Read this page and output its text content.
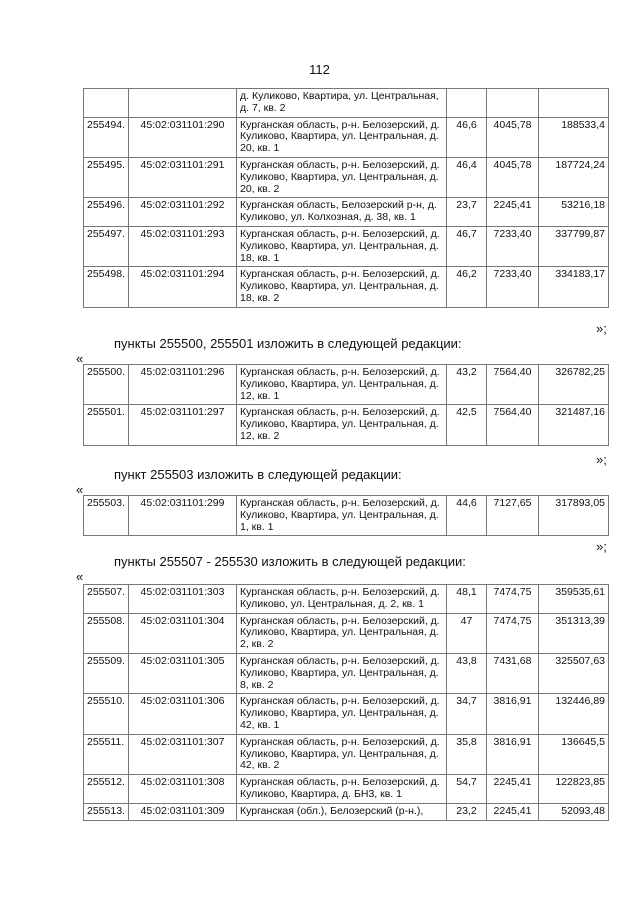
112
		д. Куликово, Квартира, ул. Центральная, д. 7, кв. 2			
255494.	45:02:031101:290	Курганская область, р-н. Белозерский, д. Куликово, Квартира, ул. Центральная, д. 20, кв. 1	46,6	4045,78	188533,4
255495.	45:02:031101:291	Курганская область, р-н. Белозерский, д. Куликово, Квартира, ул. Центральная, д. 20, кв. 2	46,4	4045,78	187724,24
255496.	45:02:031101:292	Курганская область, Белозерский р-н, д. Куликово, ул. Колхозная, д. 38, кв. 1	23,7	2245,41	53216,18
255497.	45:02:031101:293	Курганская область, р-н. Белозерский, д. Куликово, Квартира, ул. Центральная, д. 18, кв. 1	46,7	7233,40	337799,87
255498.	45:02:031101:294	Курганская область, р-н. Белозерский, д. Куликово, Квартира, ул. Центральная, д. 18, кв. 2	46,2	7233,40	334183,17
»;
пункты 255500, 255501 изложить в следующей редакции:
«
255500.	45:02:031101:296	Курганская область, р-н. Белозерский, д. Куликово, Квартира, ул. Центральная, д. 12, кв. 1	43,2	7564,40	326782,25
255501.	45:02:031101:297	Курганская область, р-н. Белозерский, д. Куликово, Квартира, ул. Центральная, д. 12, кв. 2	42,5	7564,40	321487,16
»;
пункт 255503 изложить в следующей редакции:
«
255503.	45:02:031101:299	Курганская область, р-н. Белозерский, д. Куликово, Квартира, ул. Центральная, д. 1, кв. 1	44,6	7127,65	317893,05
»;
пункты 255507 - 255530 изложить в следующей редакции:
«
255507.	45:02:031101:303	Курганская область, р-н. Белозерский, д. Куликово, ул. Центральная, д. 2, кв. 1	48,1	7474,75	359535,61
255508.	45:02:031101:304	Курганская область, р-н. Белозерский, д. Куликово, Квартира, ул. Центральная, д. 2, кв. 2	47	7474,75	351313,39
255509.	45:02:031101:305	Курганская область, р-н. Белозерский, д. Куликово, Квартира, ул. Центральная, д. 8, кв. 2	43,8	7431,68	325507,63
255510.	45:02:031101:306	Курганская область, р-н. Белозерский, д. Куликово, Квартира, ул. Центральная, д. 42, кв. 1	34,7	3816,91	132446,89
255511.	45:02:031101:307	Курганская область, р-н. Белозерский, д. Куликово, Квартира, ул. Центральная, д. 42, кв. 2	35,8	3816,91	136645,5
255512.	45:02:031101:308	Курганская область, р-н. Белозерский, д. Куликово, Квартира, д. БН3, кв. 1	54,7	2245,41	122823,85
255513.	45:02:031101:309	Курганская (обл.), Белозерский (р-н.),	23,2	2245,41	52093,48
